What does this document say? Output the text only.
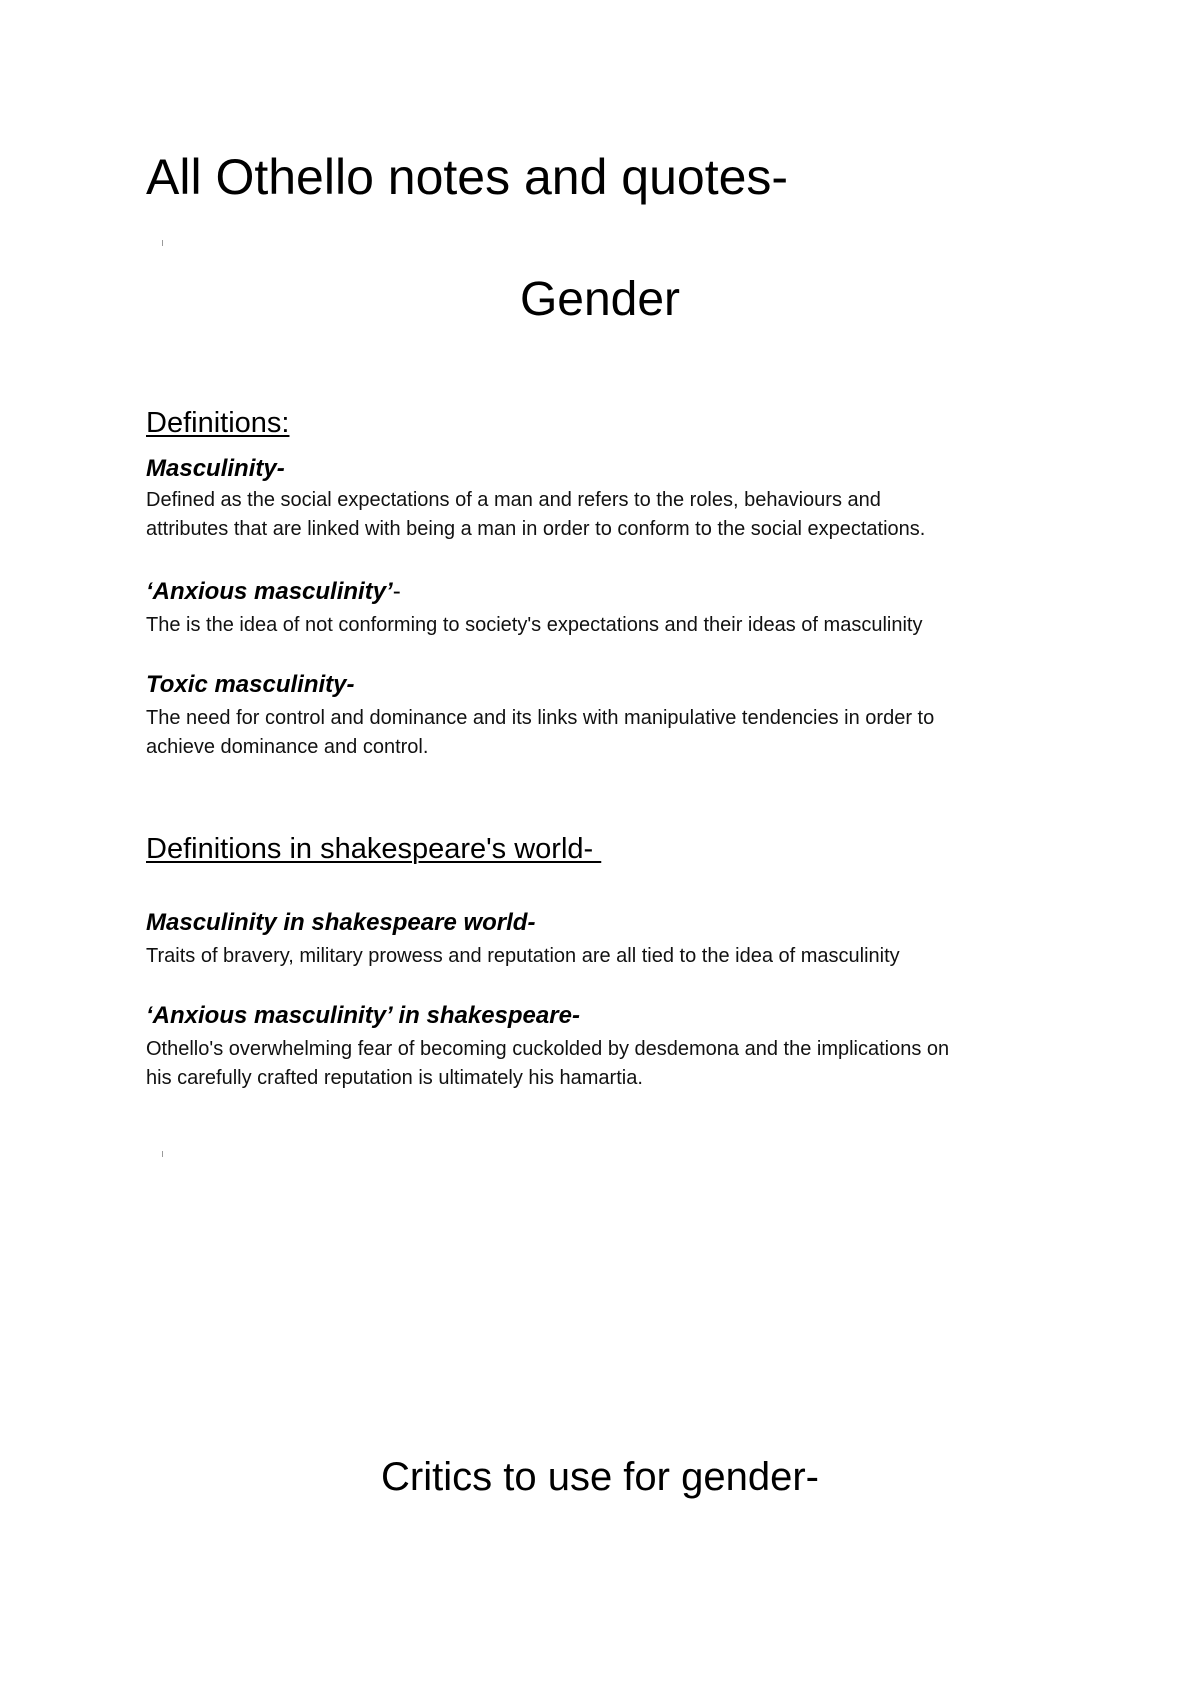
All Othello notes and quotes-
Gender
Definitions:
Masculinity-

Defined as the social expectations of a man and refers to the roles, behaviours and
attributes that are linked with being a man in order to conform to the social expectations.

‘Anxious masculinity’-

The is the idea of not conforming to society's expectations and their ideas of masculinity

Toxic masculinity-

The need for control and dominance and its links with manipulative tendencies in order to
achieve dominance and control.

Definitions in shakespeare's world-
Masculinity in shakespeare world-

Traits of bravery, military prowess and reputation are all tied to the idea of masculinity

‘Anxious masculinity’ in shakespeare-

Othello's overwhelming fear of becoming cuckolded by desdemona and the implications on
his carefully crafted reputation is ultimately his hamartia.

Critics to use for gender-
